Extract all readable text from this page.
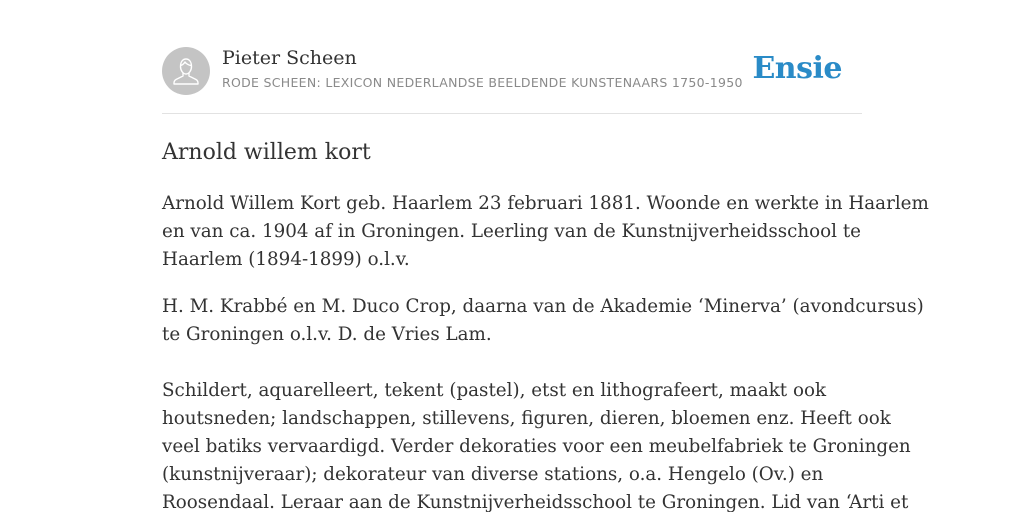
Pieter Scheen
RODE SCHEEN: LEXICON NEDERLANDSE BEELDENDE KUNSTENAARS 1750-1950 Ensie
Arnold willem kort

Arnold Willem Kort geb. Haarlem 23 februari 1881. Woonde en werkte in Haarlem

en van ca. 1904 af in Groningen. Leerling van de Kunstnijverheidsschool te

Haarlem (1894-1899) o.l.v.

H. M. Krabbé en M. Duco Crop, daarna van de Akademie ‘Minerva’ (avondcursus)

te Groningen o.l.v. D. de Vries Lam.

Schildert, aquarelleert, tekent (pastel), etst en lithografeert, maakt ook

houtsneden; landschappen, stillevens, figuren, dieren, bloemen enz. Heeft ook

veel batiks vervaardigd. Verder dekoraties voor een meubelfabriek te Groningen

(kunstnijveraar); dekorateur van diverse stations, o.a. Hengelo (Ov.) en

Roosendaal. Leraar aan de Kunstnijverheidsschool te Groningen. Lid van ‘Arti et
